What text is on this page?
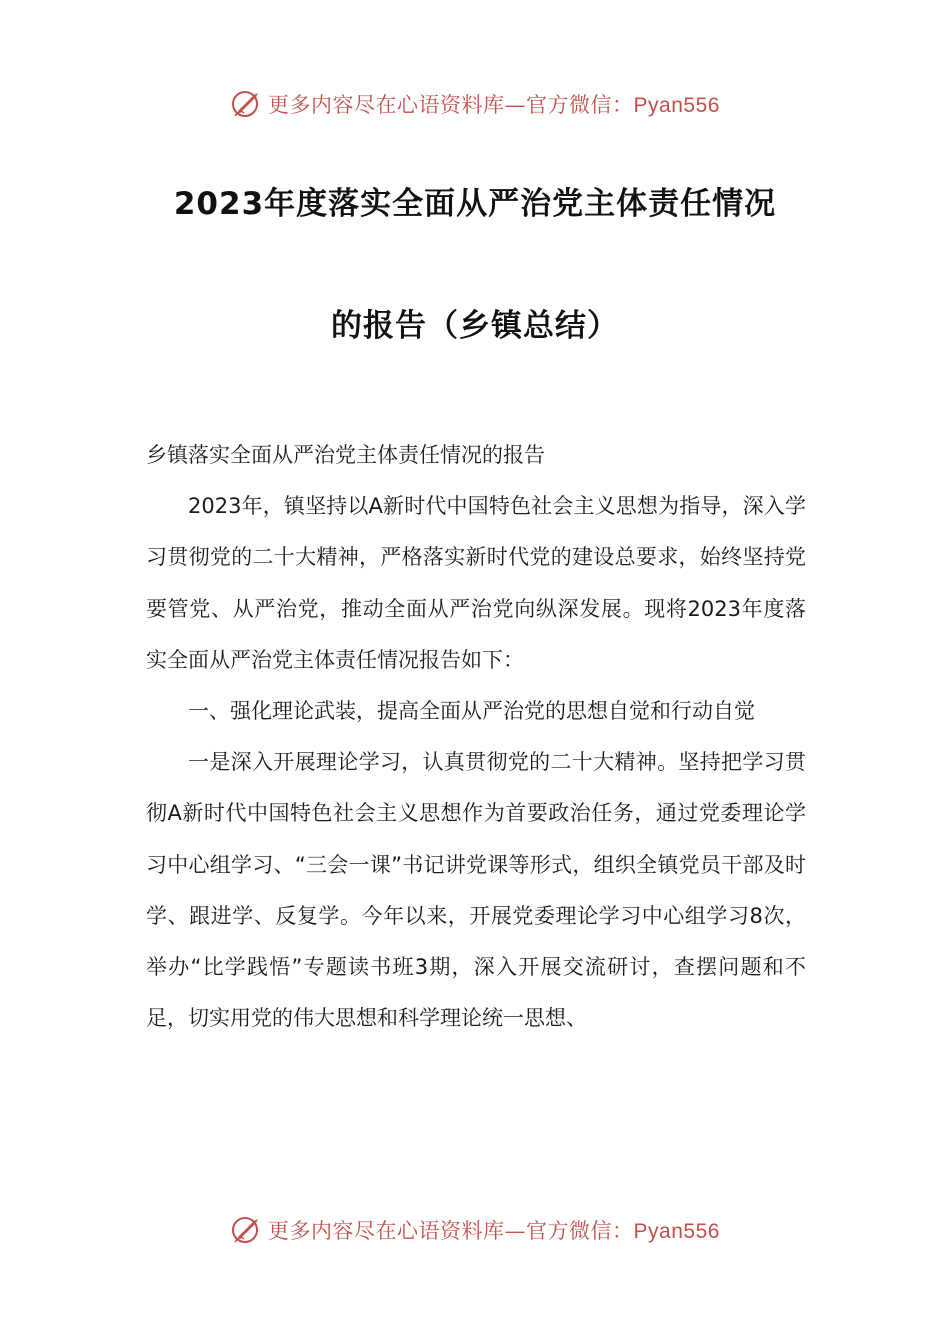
更多内容尽在心语资料库—官方微信：Pyan556
2023年度落实全面从严治党主体责任情况
的报告（乡镇总结）

乡镇落实全面从严治党主体责任情况的报告

2023年，镇坚持以A新时代中国特色社会主义思想为指导，深入学习贯彻党的二十大精神，严格落实新时代党的建设总要求，始终坚持党要管党、从严治党，推动全面从严治党向纵深发展。现将2023年度落实全面从严治党主体责任情况报告如下：

一、强化理论武装，提高全面从严治党的思想自觉和行动自觉

一是深入开展理论学习，认真贯彻党的二十大精神。坚持把学习贯彻A新时代中国特色社会主义思想作为首要政治任务，通过党委理论学习中心组学习、“三会一课”书记讲党课等形式，组织全镇党员干部及时学、跟进学、反复学。今年以来，开展党委理论学习中心组学习8次，举办“比学践悟”专题读书班3期，深入开展交流研讨，查摆问题和不足，切实用党的伟大思想和科学理论统一思想、

更多内容尽在心语资料库—官方微信：Pyan556
